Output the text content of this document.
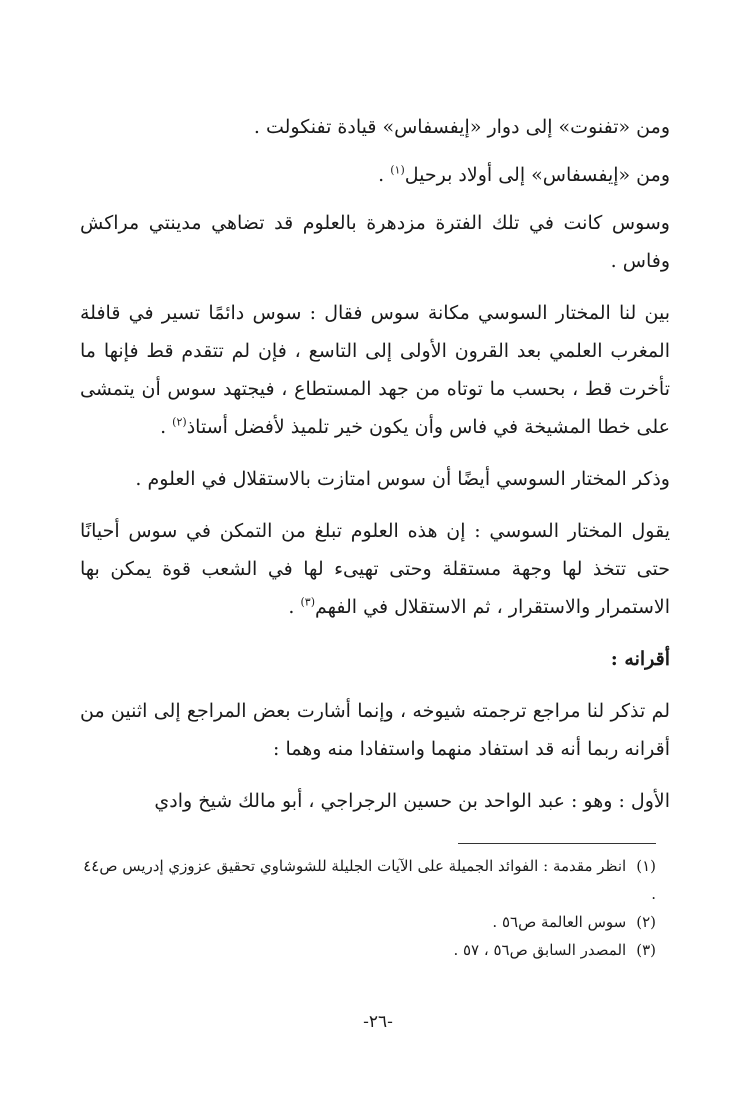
ومن «تفنوت» إلى دوار «إيفسفاس» قيادة تفنكولت .

ومن «إيفسفاس» إلى أولاد برحيل$^{(١)}$ .

وسوس كانت في تلك الفترة مزدهرة بالعلوم قد تضاهي مدينتي مراكش وفاس .

بين لنا المختار السوسي مكانة سوس فقال : سوس دائمًا تسير في قافلة المغرب العلمي بعد القرون الأولى إلى التاسع ، فإن لم تتقدم قط فإنها ما تأخرت قط ، بحسب ما توتاه من جهد المستطاع ، فيجتهد سوس أن يتمشى على خطا المشيخة في فاس وأن يكون خير تلميذ لأفضل أستاذ$^{(٢)}$ .

وذكر المختار السوسي أيضًا أن سوس امتازت بالاستقلال في العلوم .

يقول المختار السوسي : إن هذه العلوم تبلغ من التمكن في سوس أحيانًا حتى تتخذ لها وجهة مستقلة وحتى تهيىء لها في الشعب قوة يمكن بها الاستمرار والاستقرار ، ثم الاستقلال في الفهم$^{(٣)}$ .

أقرانه :

لم تذكر لنا مراجع ترجمته شيوخه ، وإنما أشارت بعض المراجع إلى اثنين من أقرانه ربما أنه قد استفاد منهما واستفادا منه وهما :

الأول : وهو : عبد الواحد بن حسين الرجراجي ، أبو مالك شيخ وادي

(١)انظر مقدمة : الفوائد الجميلة على الآيات الجليلة للشوشاوي تحقيق عزوزي إدريس ص٤٤ .

(٢)سوس العالمة ص٥٦ .

(٣)المصدر السابق ص٥٦ ، ٥٧ .

-٢٦-
